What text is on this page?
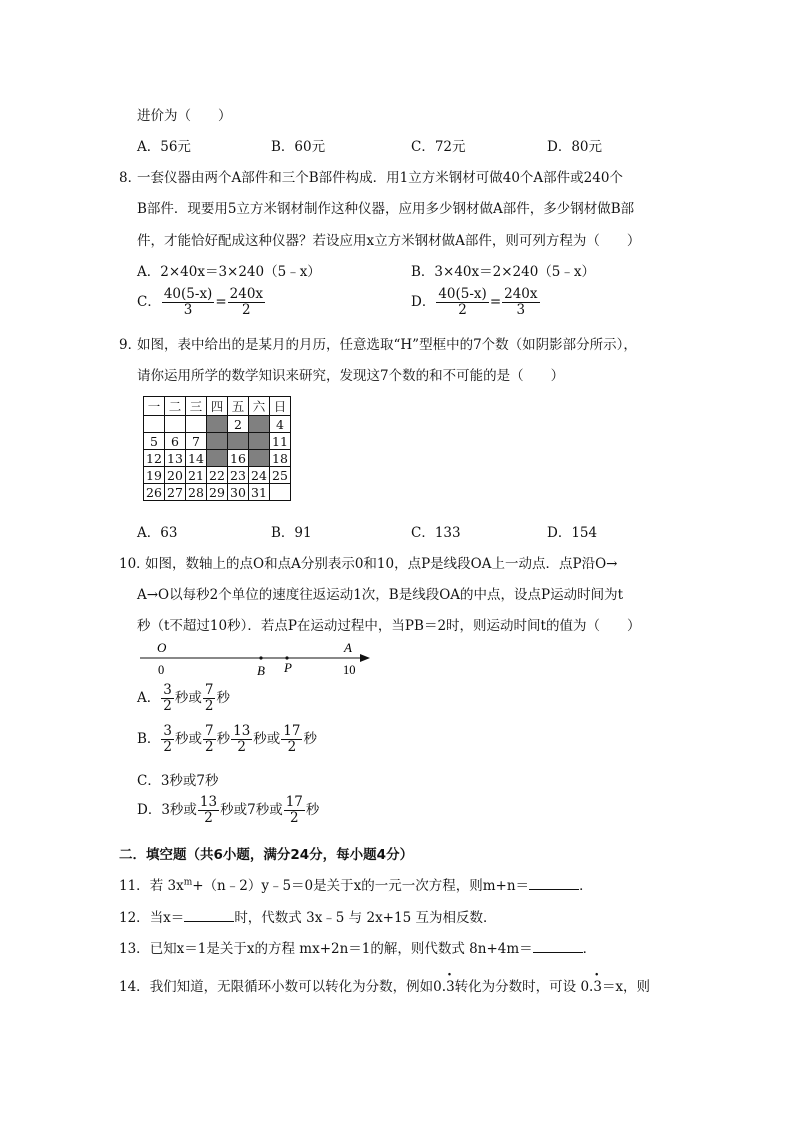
进价为（　　）
A．56元	B．60元	C．72元	D．80元
8．
一套仪器由两个A部件和三个B部件构成．用1立方米钢材可做40个A部件或240个
B部件．现要用5立方米钢材制作这种仪器，应用多少钢材做A部件，多少钢材做B部
件，才能恰好配成这种仪器？若设应用x立方米钢材做A部件，则可列方程为（　　）
A．2×40x＝3×240（5﹣x）	B．3×40x＝2×240（5﹣x）
C． $\frac{40(5-x)}{3} = \frac{240x}{2}$	D． $\frac{40(5-x)}{2} = \frac{240x}{3}$
9．
如图，表中给出的是某月的月历，任意选取“H”型框中的7个数（如阴影部分所示），
请你运用所学的数学知识来研究，发现这7个数的和不可能的是（　　）
一	二	三	四	五	六	日
				2		4
5	6	7				11
12	13	14		16		18
19	20	21	22	23	24	25
26	27	28	29	30	31	
A．63	B．91	C．133	D．154
10．
如图，数轴上的点O和点A分别表示0和10，点P是线段OA上一动点．点P沿O→
A→O以每秒2个单位的速度往返运动1次，B是线段OA的中点，设点P运动时间为t
秒（t不超过10秒）．若点P在运动过程中，当PB＝2时，则运动时间t的值为（　　）
O
0	B P
A
10
A． $\frac{3}{2}$ 秒或 $\frac{7}{2}$ 秒
B． $\frac{3}{2}$ 秒或 $\frac{7}{2}$ 秒 $\frac{13}{2}$ 秒或 $\frac{17}{2}$ 秒
C．3秒或7秒
D．3秒或 $\frac{13}{2}$ 秒或7秒或 $\frac{17}{2}$ 秒
二．填空题（共6小题，满分24分，每小题4分）
11．若 $3x^m+(n﹣2)y﹣5=0$是关于x的一元一次方程，则m+n＝	．
12．当x＝	时，代数式 3x﹣5 与 2x+15 互为相反数．
13．已知x＝1是关于x的方程 mx+2n＝1的解，则代数式 8n+4m＝	．
14．我们知道，无限循环小数可以转化为分数，例如0.· 3转化为分数时，可设 0.· 3＝x，则
